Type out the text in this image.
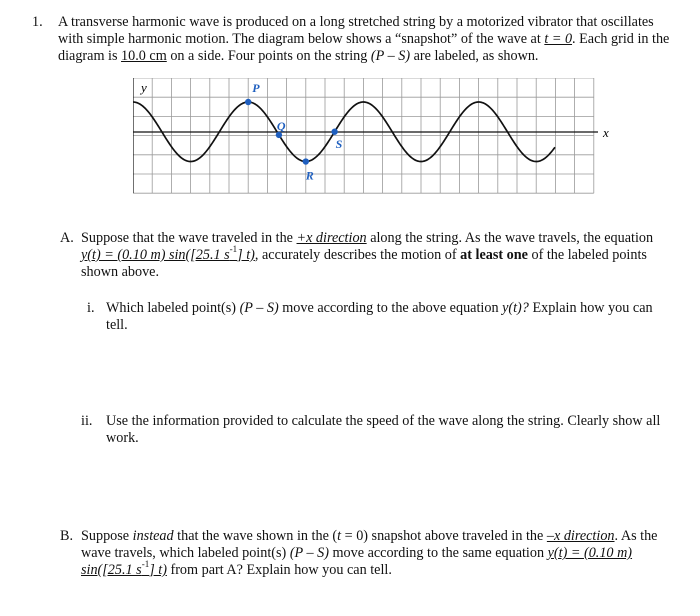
1. A transverse harmonic wave is produced on a long stretched string by a motorized vibrator that oscillates with simple harmonic motion. The diagram below shows a “snapshot” of the wave at t = 0. Each grid in the diagram is 10.0 cm on a side. Four points on the string (P – S) are labeled, as shown.
y
x
P
Q
R
S
A. Suppose that the wave traveled in the +x direction along the string. As the wave travels, the equation y(t) = (0.10 m) sin([25.1 $s^{-1}$] t), accurately describes the motion of at least one of the labeled points shown above.
i. Which labeled point(s) (P – S) move according to the above equation y(t)? Explain how you can tell.
ii. Use the information provided to calculate the speed of the wave along the string. Clearly show all work.
B. Suppose instead that the wave shown in the (t = 0) snapshot above traveled in the –x direction. As the wave travels, which labeled point(s) (P – S) move according to the same equation y(t) = (0.10 m) sin([25.1 $s^{-1}$] t) from part A? Explain how you can tell.
